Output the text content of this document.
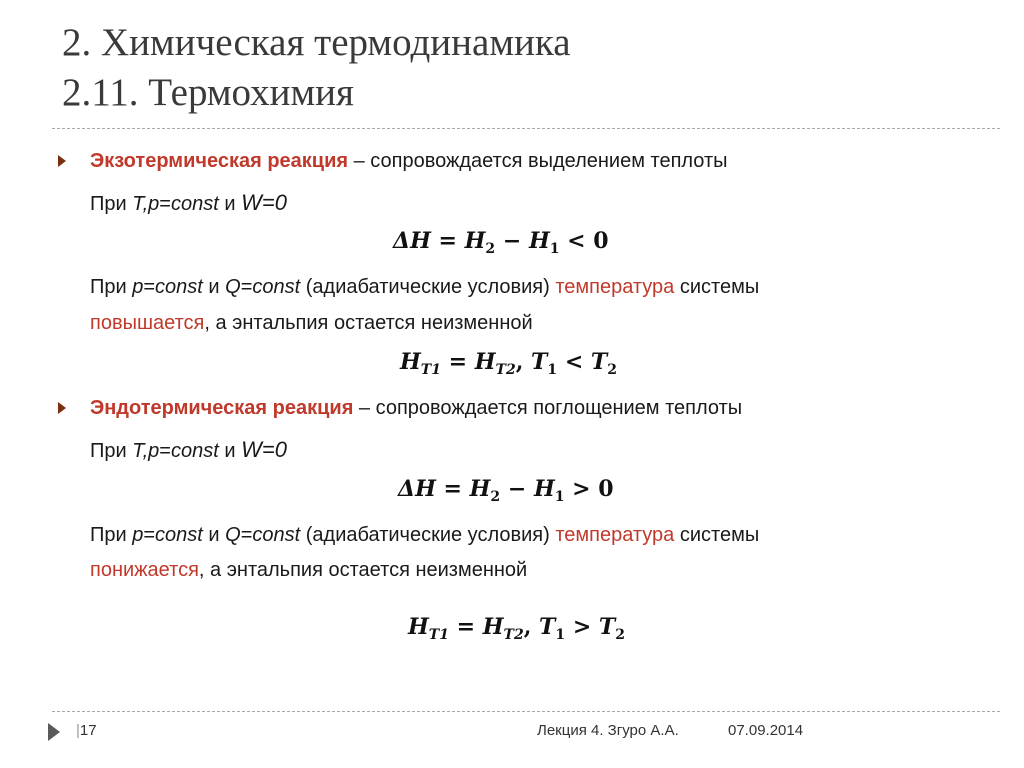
2. Химическая термодинамика
2.11. Термохимия
Экзотермическая реакция – сопровождается выделением теплоты
При T,p=const и W=0
$\Delta H = H_2 - H_1 < 0$
При p=const и Q=const (адиабатические условия) температура системы
повышается, а энтальпия остается неизменной
$H_{T1} = H_{T2}$, $T_1 < T_2$
Эндотермическая реакция – сопровождается поглощением теплоты
При T,p=const и W=0
$\Delta H = H_2 - H_1 > 0$
При p=const и Q=const (адиабатические условия) температура системы
понижается, а энтальпия остается неизменной
$H_{T1} = H_{T2}$, $T_1 > T_2$
|17	Лекция 4. Згуро А.А.	07.09.2014
